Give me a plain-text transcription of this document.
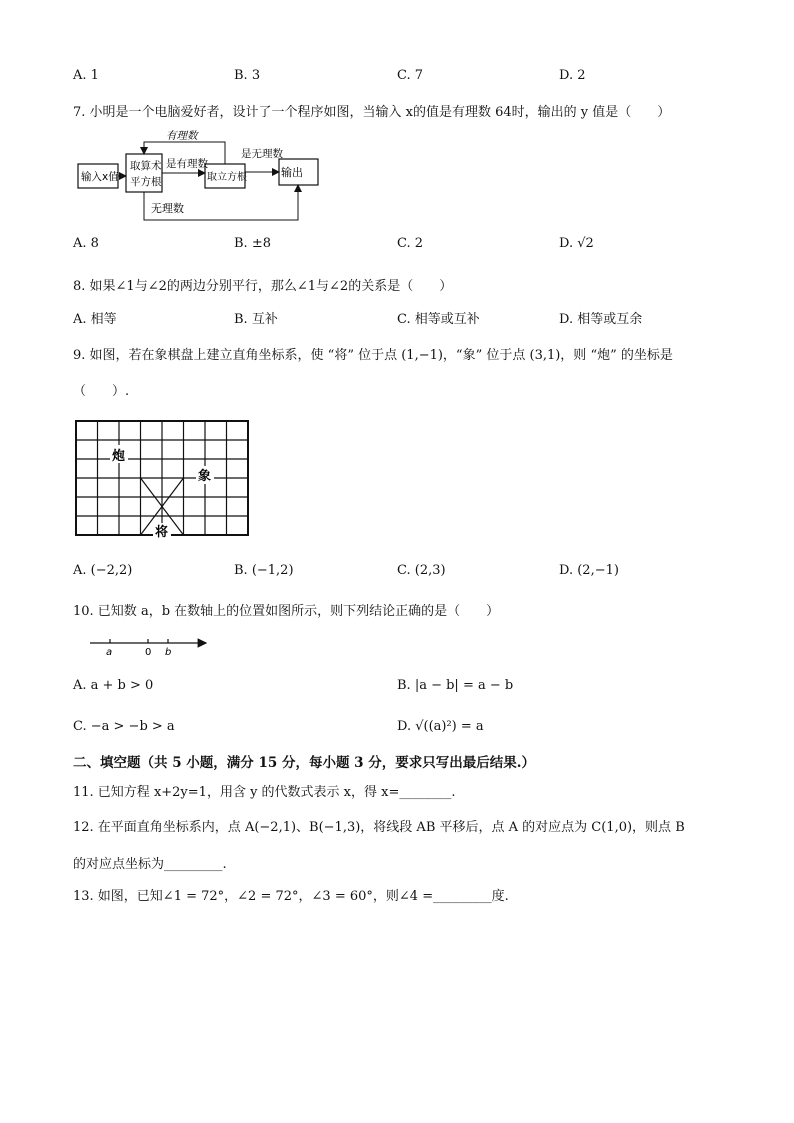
A. 1	B. 3	C. 7	D. 2
7. 小明是一个电脑爱好者，设计了一个程序如图，当输入 x的值是有理数 64时，输出的 y 值是（　　）
输入x值
取算术
平方根	取立方根	输出
有理数
是有理数
是无理数
无理数
A. 8	B. ±8	C. 2	D. √2
8. 如果∠1与∠2的两边分别平行，那么∠1与∠2的关系是（　　）
A. 相等	B. 互补	C. 相等或互补	D. 相等或互余
9. 如图，若在象棋盘上建立直角坐标系，使 “将” 位于点 (1,−1)，“象” 位于点 (3,1)，则 “炮” 的坐标是
（　　）.
炮
象
将
A. (−2,2)	B. (−1,2)	C. (2,3)	D. (2,−1)
10. 已知数 a，b 在数轴上的位置如图所示，则下列结论正确的是（　　）
a	0 b
A. a + b > 0	B. |a − b| = a − b
C. −a > −b > a	D. √((a)²) = a
二、填空题（共 5 小题，满分 15 分，每小题 3 分，要求只写出最后结果.）
11. 已知方程 x+2y=1，用含 y 的代数式表示 x，得 x=________.
12. 在平面直角坐标系内，点 A(−2,1)、B(−1,3)，将线段 AB 平移后，点 A 的对应点为 C(1,0)，则点 B
的对应点坐标为_________.
13. 如图，已知∠1 = 72°，∠2 = 72°，∠3 = 60°，则∠4 =_________度.
